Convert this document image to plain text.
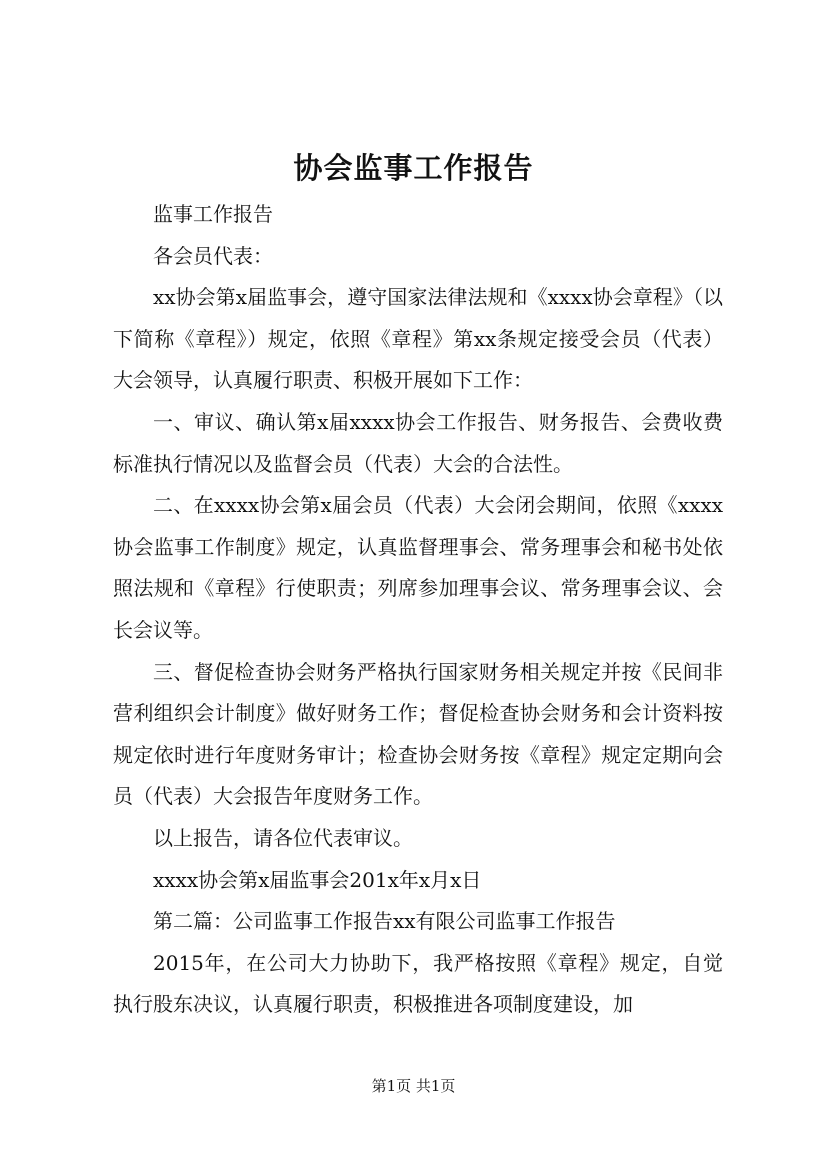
协会监事工作报告

监事工作报告

各会员代表：

xx协会第x届监事会，遵守国家法律法规和《xxxx协会章程》（以下简称《章程》）规定，依照《章程》第xx条规定接受会员（代表）大会领导，认真履行职责、积极开展如下工作：

一、审议、确认第x届xxxx协会工作报告、财务报告、会费收费标准执行情况以及监督会员（代表）大会的合法性。

二、在xxxx协会第x届会员（代表）大会闭会期间，依照《xxxx协会监事工作制度》规定，认真监督理事会、常务理事会和秘书处依照法规和《章程》行使职责；列席参加理事会议、常务理事会议、会长会议等。

三、督促检查协会财务严格执行国家财务相关规定并按《民间非营利组织会计制度》做好财务工作；督促检查协会财务和会计资料按规定依时进行年度财务审计；检查协会财务按《章程》规定定期向会员（代表）大会报告年度财务工作。

以上报告，请各位代表审议。

xxxx协会第x届监事会201x年x月x日

第二篇：公司监事工作报告xx有限公司监事工作报告

2015年，在公司大力协助下，我严格按照《章程》规定，自觉执行股东决议，认真履行职责，积极推进各项制度建设，加

第1页 共1页
